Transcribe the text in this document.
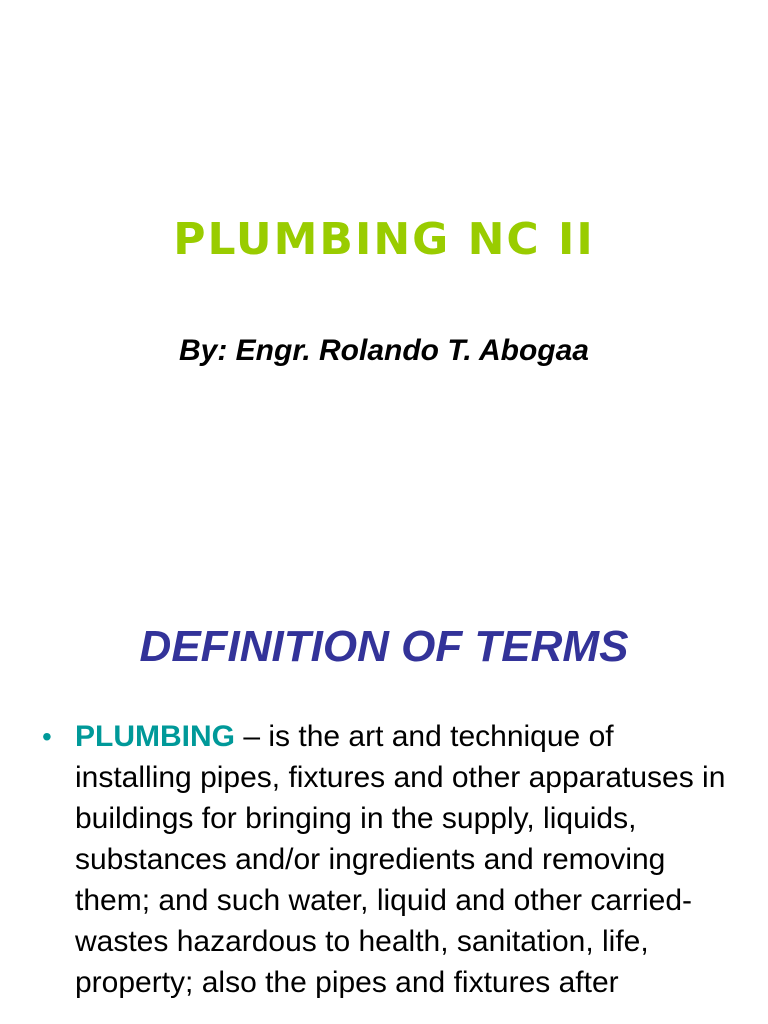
PLUMBING NC II

By: Engr. Rolando T. Abogaa

DEFINITION OF TERMS
• PLUMBING – is the art and technique of installing pipes, fixtures and other apparatuses in buildings for bringing in the supply, liquids, substances and/or ingredients and removing them; and such water, liquid and other carried-wastes hazardous to health, sanitation, life, property; also the pipes and fixtures after
